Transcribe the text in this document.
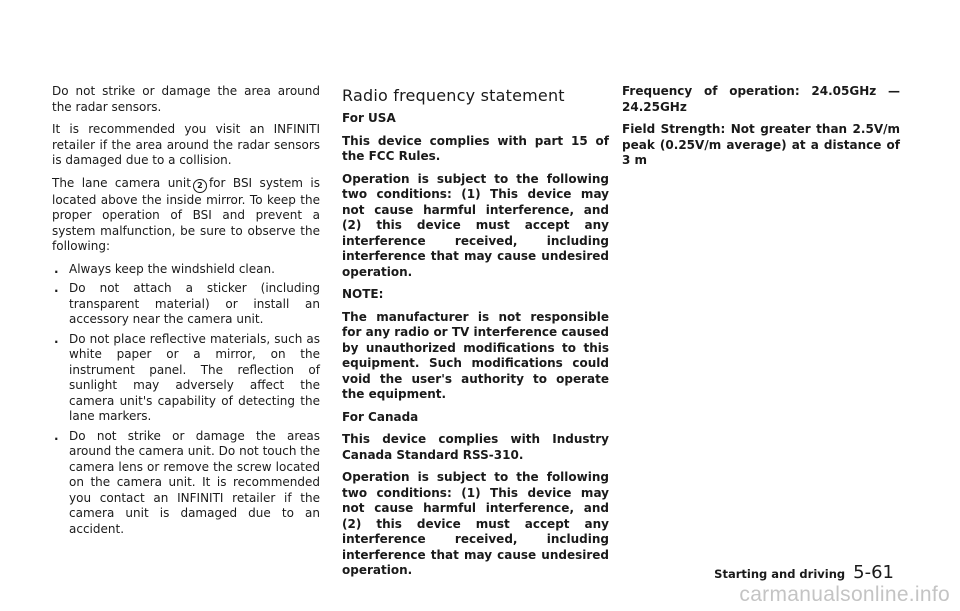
Do not strike or damage the area around the radar sensors.

It is recommended you visit an INFINITI retailer if the area around the radar sensors is damaged due to a collision.

The lane camera unit 2 for BSI system is located above the inside mirror. To keep the proper operation of BSI and prevent a system malfunction, be sure to observe the following:

. Always keep the windshield clean.
. Do not attach a sticker (including transparent material) or install an accessory near the camera unit.
. Do not place reflective materials, such as white paper or a mirror, on the instrument panel. The reflection of sunlight may adversely affect the camera unit's capability of detecting the lane markers.
. Do not strike or damage the areas around the camera unit. Do not touch the camera lens or remove the screw located on the camera unit. It is recommended you contact an INFINITI retailer if the camera unit is damaged due to an accident.
Radio frequency statement

For USA

This device complies with part 15 of the FCC Rules.

Operation is subject to the following two conditions: (1) This device may not cause harmful interference, and (2) this device must accept any interference received, including interference that may cause undesired operation.

NOTE:

The manufacturer is not responsible for any radio or TV interference caused by unauthorized modifications to this equipment. Such modifications could void the user's authority to operate the equipment.

For Canada

This device complies with Industry Canada Standard RSS-310.

Operation is subject to the following two conditions: (1) This device may not cause harmful interference, and (2) this device must accept any interference received, including interference that may cause undesired operation.

Frequency of operation: 24.05GHz — 24.25GHz

Field Strength: Not greater than 2.5V/m peak (0.25V/m average) at a distance of 3 m

Starting and driving 5-61
carmanualsonline.info
